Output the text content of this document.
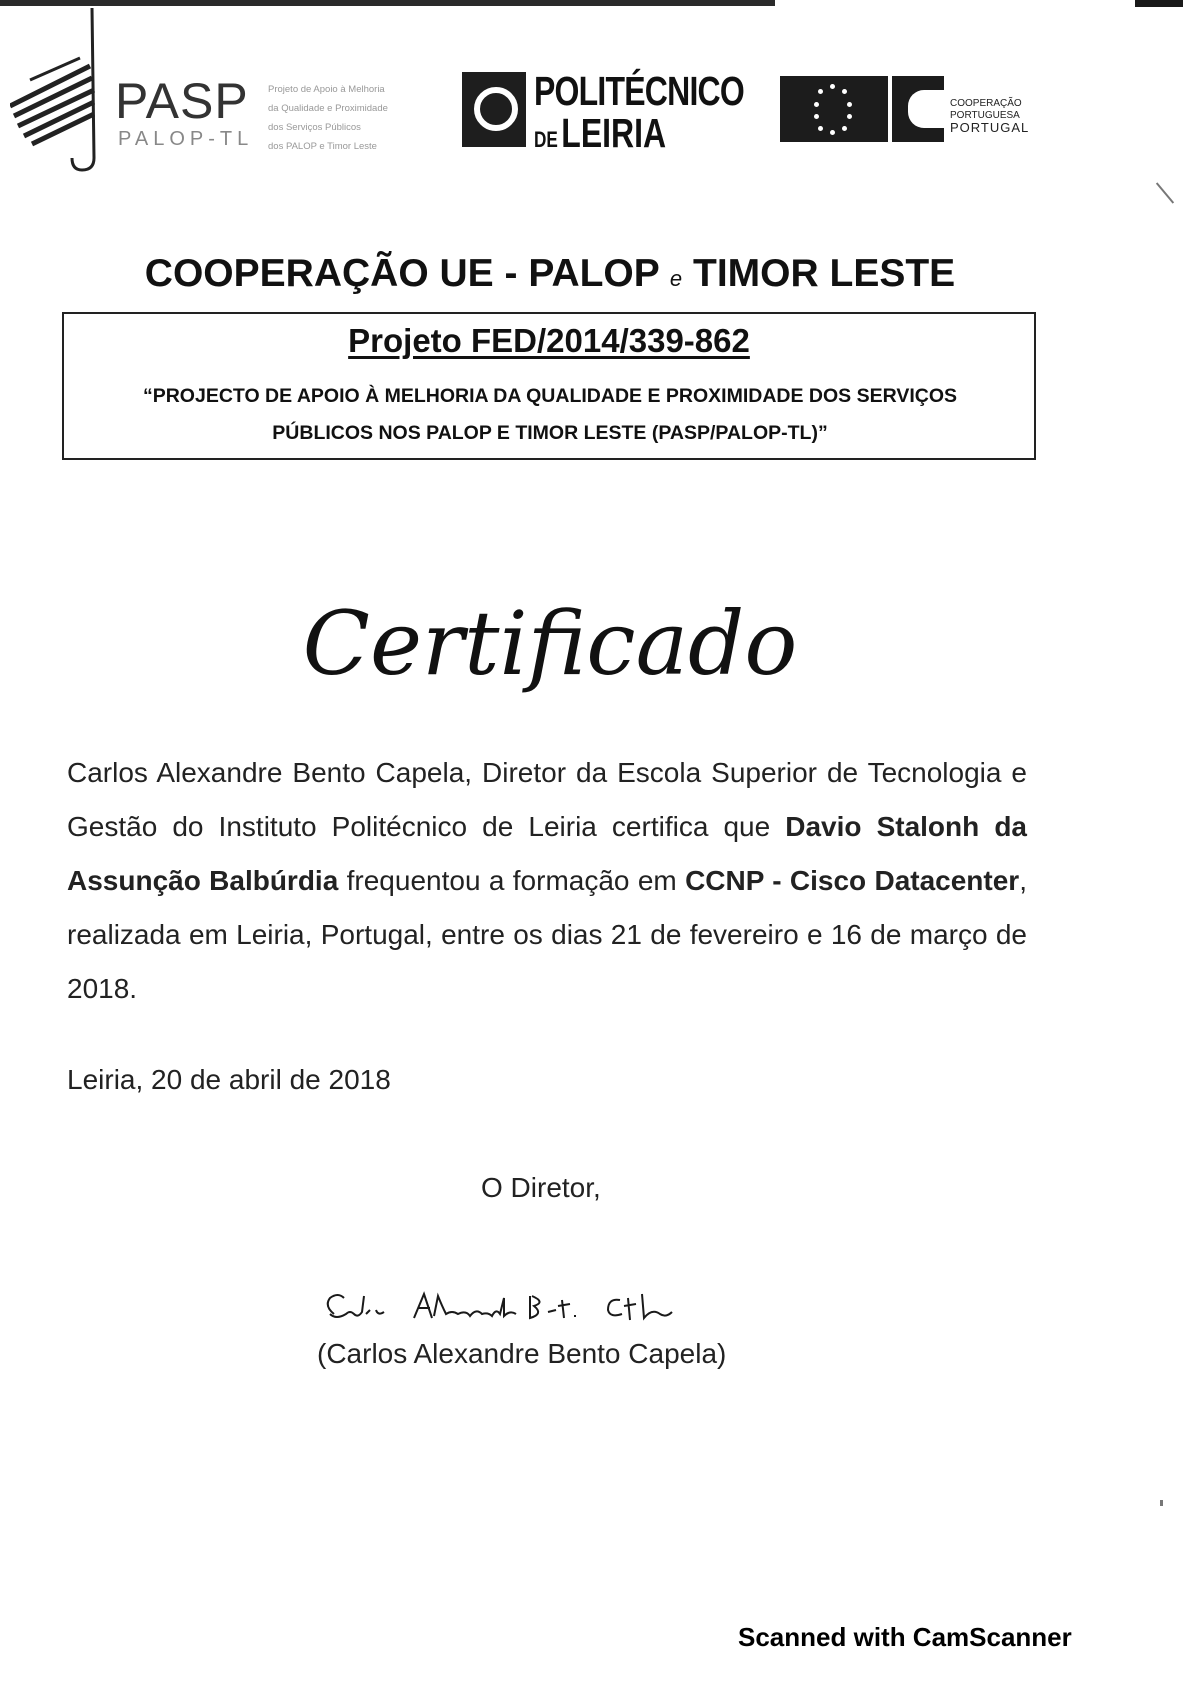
PASP
PALOP-TL
Projeto de Apoio à Melhoria
da Qualidade e Proximidade
dos Serviços Públicos
dos PALOP e Timor Leste
POLITÉCNICO
DE LEIRIA
COOPERAÇÃO
PORTUGUESA
PORTUGAL
COOPERAÇÃO UE - PALOP e TIMOR LESTE
Projeto FED/2014/339-862
“PROJECTO DE APOIO À MELHORIA DA QUALIDADE E PROXIMIDADE DOS SERVIÇOS
PÚBLICOS NOS PALOP E TIMOR LESTE (PASP/PALOP-TL)”
Certificado
Carlos Alexandre Bento Capela, Diretor da Escola Superior de Tecnologia e Gestão do Instituto Politécnico de Leiria certifica que Davio Stalonh da Assunção Balbúrdia frequentou a formação em CCNP - Cisco Datacenter, realizada em Leiria, Portugal, entre os dias 21 de fevereiro e 16 de março de 2018.
Leiria, 20 de abril de 2018
O Diretor,
(Carlos Alexandre Bento Capela)
Scanned with CamScanner
